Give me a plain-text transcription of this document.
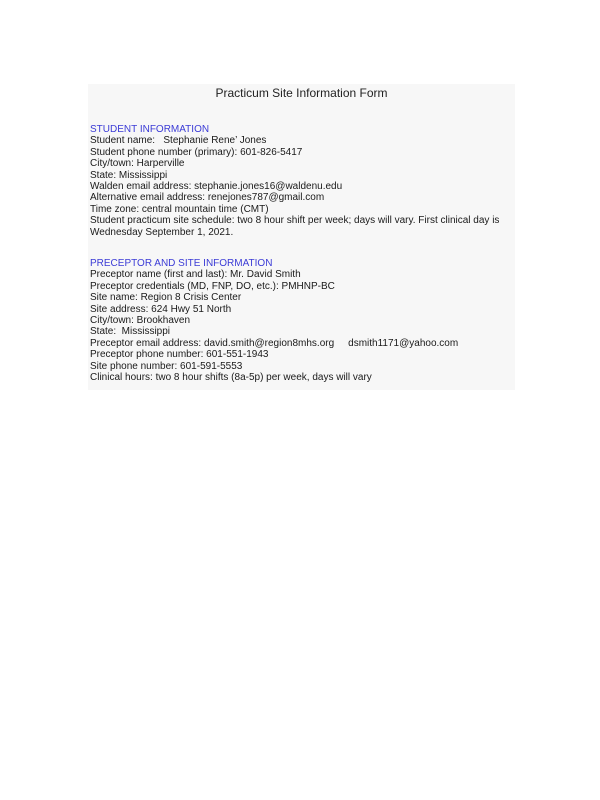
Practicum Site Information Form

STUDENT INFORMATION

Student name:   Stephanie Rene’ Jones

Student phone number (primary): 601-826-5417

City/town: Harperville

State: Mississippi

Walden email address: stephanie.jones16@waldenu.edu

Alternative email address: renejones787@gmail.com

Time zone: central mountain time (CMT)

Student practicum site schedule: two 8 hour shift per week; days will vary. First clinical day is Wednesday September 1, 2021.

PRECEPTOR AND SITE INFORMATION

Preceptor name (first and last): Mr. David Smith

Preceptor credentials (MD, FNP, DO, etc.): PMHNP-BC

Site name: Region 8 Crisis Center

Site address: 624 Hwy 51 North

City/town: Brookhaven

State:  Mississippi

Preceptor email address: david.smith@region8mhs.org dsmith1171@yahoo.com

Preceptor phone number: 601-551-1943

Site phone number: 601-591-5553

Clinical hours: two 8 hour shifts (8a-5p) per week, days will vary
